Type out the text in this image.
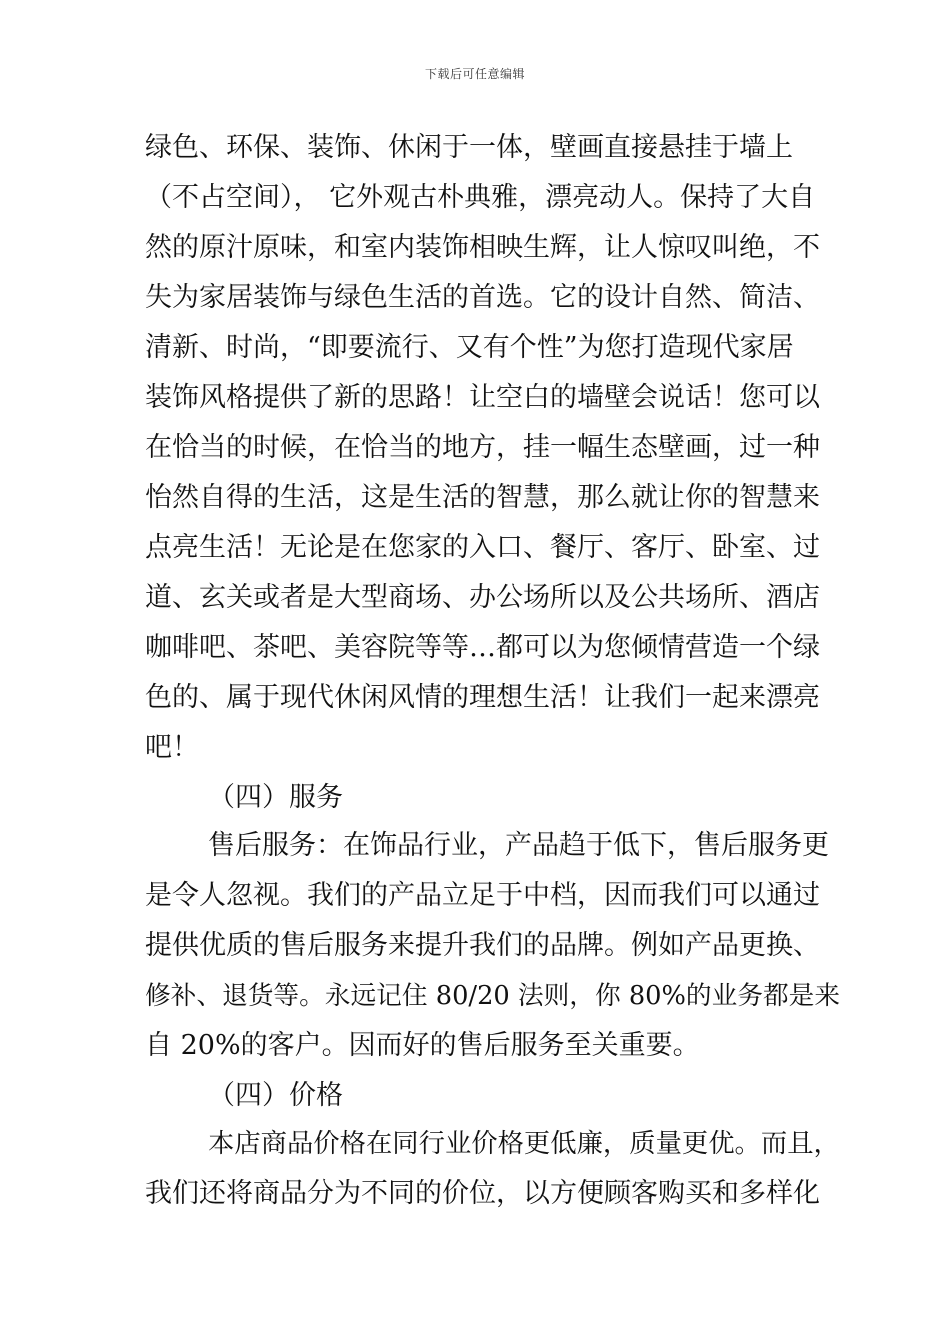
下载后可任意编辑
绿色、环保、装饰、休闲于一体，壁画直接悬挂于墙上
（不占空间）， 它外观古朴典雅，漂亮动人。保持了大自
然的原汁原味，和室内装饰相映生辉，让人惊叹叫绝，不
失为家居装饰与绿色生活的首选。它的设计自然、简洁、
清新、时尚，“即要流行、又有个性”为您打造现代家居
装饰风格提供了新的思路！让空白的墙壁会说话！您可以
在恰当的时候，在恰当的地方，挂一幅生态壁画，过一种
怡然自得的生活，这是生活的智慧，那么就让你的智慧来
点亮生活！无论是在您家的入口、餐厅、客厅、卧室、过
道、玄关或者是大型商场、办公场所以及公共场所、酒店
咖啡吧、茶吧、美容院等等…都可以为您倾情营造一个绿
色的、属于现代休闲风情的理想生活！让我们一起来漂亮
吧！
（四）服务
售后服务：在饰品行业，产品趋于低下，售后服务更
是令人忽视。我们的产品立足于中档，因而我们可以通过
提供优质的售后服务来提升我们的品牌。例如产品更换、
修补、退货等。永远记住 80/20 法则，你 80%的业务都是来
自 20%的客户。因而好的售后服务至关重要。
（四）价格
本店商品价格在同行业价格更低廉，质量更优。而且，
我们还将商品分为不同的价位，以方便顾客购买和多样化
